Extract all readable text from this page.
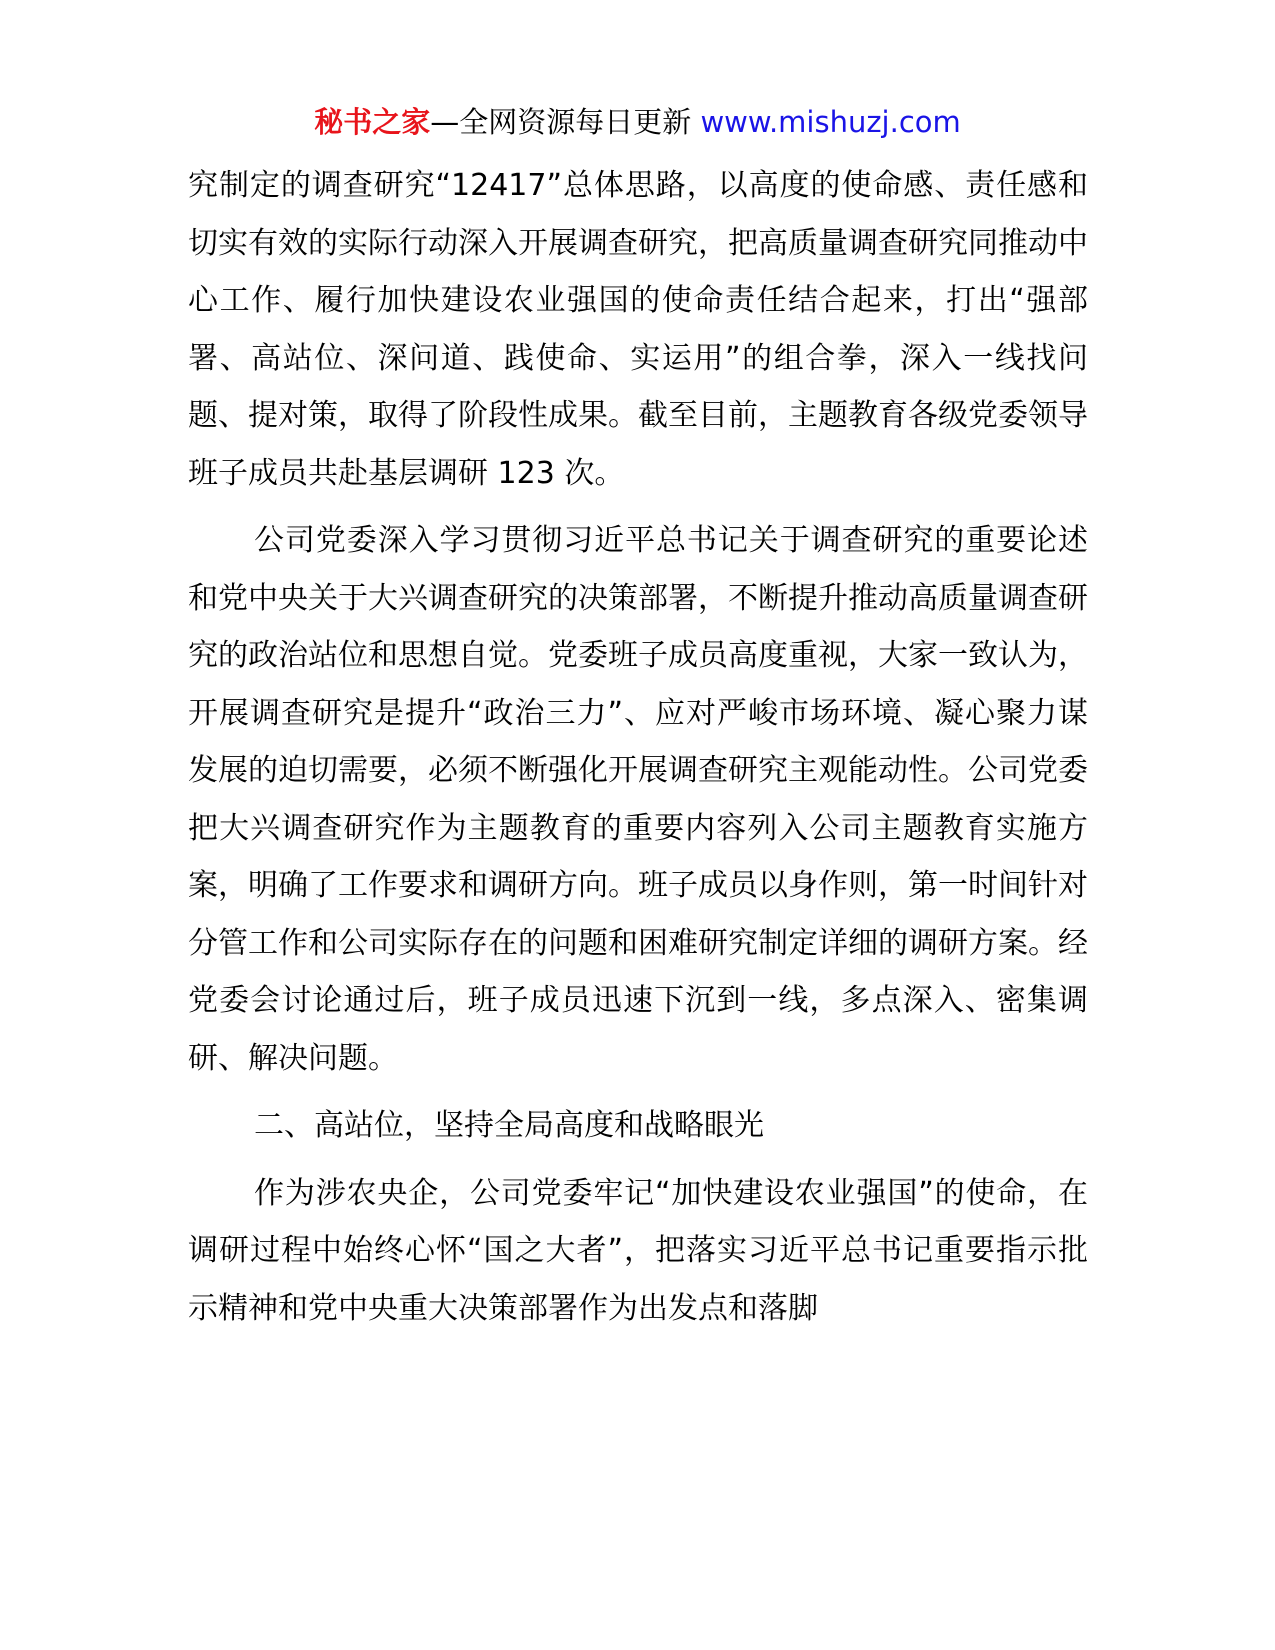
秘书之家—全网资源每日更新 www.mishuzj.com

究制定的调查研究“12417”总体思路，以高度的使命感、责任感和切实有效的实际行动深入开展调查研究，把高质量调查研究同推动中心工作、履行加快建设农业强国的使命责任结合起来，打出“强部署、高站位、深问道、践使命、实运用”的组合拳，深入一线找问题、提对策，取得了阶段性成果。截至目前，主题教育各级党委领导班子成员共赴基层调研 123 次。

公司党委深入学习贯彻习近平总书记关于调查研究的重要论述和党中央关于大兴调查研究的决策部署，不断提升推动高质量调查研究的政治站位和思想自觉。党委班子成员高度重视，大家一致认为，开展调查研究是提升“政治三力”、应对严峻市场环境、凝心聚力谋发展的迫切需要，必须不断强化开展调查研究主观能动性。公司党委把大兴调查研究作为主题教育的重要内容列入公司主题教育实施方案，明确了工作要求和调研方向。班子成员以身作则，第一时间针对分管工作和公司实际存在的问题和困难研究制定详细的调研方案。经党委会讨论通过后，班子成员迅速下沉到一线，多点深入、密集调研、解决问题。

二、高站位，坚持全局高度和战略眼光

作为涉农央企，公司党委牢记“加快建设农业强国”的使命，在调研过程中始终心怀“国之大者”，把落实习近平总书记重要指示批示精神和党中央重大决策部署作为出发点和落脚
